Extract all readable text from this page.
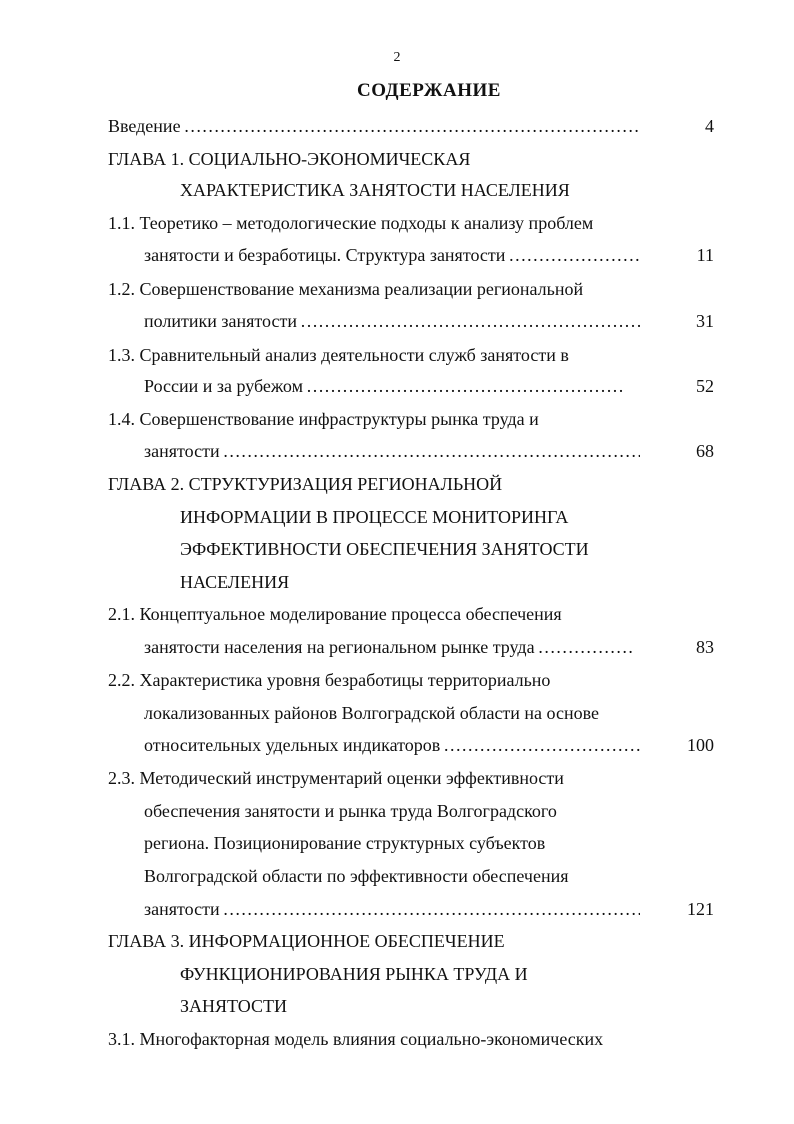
2
СОДЕРЖАНИЕ
Введение ……………………………………………………………………………………………………………………………………………………………………………………	4
ГЛАВА 1. СОЦИАЛЬНО-ЭКОНОМИЧЕСКАЯ
ХАРАКТЕРИСТИКА ЗАНЯТОСТИ НАСЕЛЕНИЯ
1.1. Теоретико – методологические подходы к анализу проблем
занятости и безработицы. Структура занятости ……………………………………………………………………………………………………………………………………………………………………………………	11
1.2. Совершенствование механизма реализации региональной
политики занятости ……………………………………………………………………………………………………………………………………………………………………………………	31
1.3. Сравнительный анализ деятельности служб занятости в
России и за рубежом ……………………………………………………………………………………………………………………………………………………………………………………	52
1.4. Совершенствование инфраструктуры рынка труда и
занятости ……………………………………………………………………………………………………………………………………………………………………………………	68
ГЛАВА 2. СТРУКТУРИЗАЦИЯ РЕГИОНАЛЬНОЙ
ИНФОРМАЦИИ В ПРОЦЕССЕ МОНИТОРИНГА
ЭФФЕКТИВНОСТИ ОБЕСПЕЧЕНИЯ ЗАНЯТОСТИ
НАСЕЛЕНИЯ
2.1. Концептуальное моделирование процесса обеспечения
занятости населения на региональном рынке труда ……………………………………………………………………………………………………………………………………………………………………………………	83
2.2. Характеристика уровня безработицы территориально
локализованных районов Волгоградской области на основе
относительных удельных индикаторов ……………………………………………………………………………………………………………………………………………………………………………………	100
2.3. Методический инструментарий оценки эффективности
обеспечения занятости и рынка труда Волгоградского
региона. Позиционирование структурных субъектов
Волгоградской области по эффективности обеспечения
занятости ……………………………………………………………………………………………………………………………………………………………………………………	121
ГЛАВА 3. ИНФОРМАЦИОННОЕ ОБЕСПЕЧЕНИЕ
ФУНКЦИОНИРОВАНИЯ РЫНКА ТРУДА И
ЗАНЯТОСТИ
3.1. Многофакторная модель влияния социально-экономических
